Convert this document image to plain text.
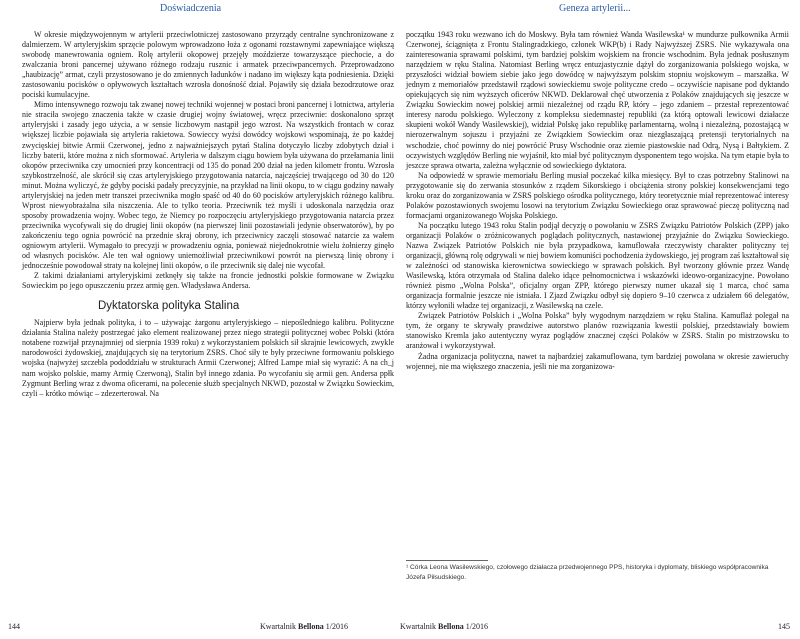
Doświadczenia

W okresie międzywojennym w artylerii przeciwlotniczej zastosowano przyrządy centralne synchronizowane z dalmierzem. W artyleryjskim sprzęcie polowym wprowadzono łoża z ogonami rozstawnymi zapewniające większą swobodę manewrowania ogniem. Rolę artylerii okopowej przejęły moździerze towarzyszące piechocie, a do zwalczania broni pancernej używano różnego rodzaju rusznic i armatek przeciwpancernych. Przeprowadzono „haubizację” armat, czyli przystosowano je do zmiennych ładunków i nadano im większy kąta podniesienia. Dzięki zastosowaniu pocisków o opływowych kształtach wzrosła donośność dział. Pojawiły się działa bezodrzutowe oraz pociski kumulacyjne.

Mimo intensywnego rozwoju tak zwanej nowej techniki wojennej w postaci broni pancernej i lotnictwa, artyleria nie straciła swojego znaczenia także w czasie drugiej wojny światowej, wręcz przeciwnie: doskonalono sprzęt artyleryjski i zasady jego użycia, a w sensie liczbowym nastąpił jego wzrost. Na wszystkich frontach w coraz większej liczbie pojawiała się artyleria rakietowa. Sowieccy wyżsi dowódcy wojskowi wspominają, że po każdej zwycięskiej bitwie Armii Czerwonej, jedno z najważniejszych pytań Stalina dotyczyło liczby zdobytych dział i liczby baterii, które można z nich sformować. Artyleria w dalszym ciągu bowiem była używana do przełamania linii okopów przeciwnika czy umocnień przy koncentracji od 135 do ponad 200 dział na jeden kilometr frontu. Wzrosła szybkostrzelność, ale skrócił się czas artyleryjskiego przygotowania natarcia, najczęściej trwającego od 30 do 120 minut. Można wyliczyć, że gdyby pociski padały precyzyjnie, na przykład na linii okopu, to w ciągu godziny nawały artyleryjskiej na jeden metr transzei przeciwnika mogło spaść od 40 do 60 pocisków artyleryjskich różnego kalibru. Wprost niewyobrażalna siła niszczenia. Ale to tylko teoria. Przeciwnik też myśli i udoskonala narzędzia oraz sposoby prowadzenia wojny. Wobec tego, że Niemcy po rozpoczęciu artyleryjskiego przygotowania natarcia przez przeciwnika wycofywali się do drugiej linii okopów (na pierwszej linii pozostawiali jedynie obserwatorów), by po zakończeniu tego ognia powrócić na przednie skraj obrony, ich przeciwnicy zaczęli stosować natarcie za wałem ogniowym artylerii. Wymagało to precyzji w prowadzeniu ognia, ponieważ niejednokrotnie wielu żołnierzy ginęło od własnych pocisków. Ale ten wał ogniowy uniemożliwiał przeciwnikowi powrót na pierwszą linię obrony i jednocześnie powodował straty na kolejnej linii okopów, o ile przeciwnik się dalej nie wycofał.

Z takimi działaniami artyleryjskimi zetknęły się także na froncie jednostki polskie formowane w Związku Sowieckim po jego opuszczeniu przez armię gen. Władysława Andersa.

Dyktatorska polityka Stalina

Najpierw była jednak polityka, i to – używając żargonu artyleryjskiego – niepośledniego kalibru. Polityczne działania Stalina należy postrzegać jako element realizowanej przez niego strategii politycznej wobec Polski (która notabene rozwijał przynajmniej od sierpnia 1939 roku) z wykorzystaniem polskich sił skrajnie lewicowych, zwykle narodowości żydowskiej, znajdujących się na terytorium ZSRS. Choć siły te były przeciwne formowaniu polskiego wojska (najwyżej szczebla pododdziału w strukturach Armii Czerwonej; Alfred Lampe miał się wyrazić: A na ch_j nam wojsko polskie, mamy Armię Czerwoną), Stalin był innego zdania. Po wycofaniu się armii gen. Andersa ppłk Zygmunt Berling wraz z dwoma oficerami, na polecenie służb specjalnych NKWD, pozostał w Związku Sowieckim, czyli – krótko mówiąc – zdezerterował. Na

144	Kwartalnik Bellona 1/2016
Geneza artylerii...

początku 1943 roku wezwano ich do Moskwy. Była tam również Wanda Wasilewska¹ w mundurze pułkownika Armii Czerwonej, ściągnięta z Frontu Stalingradzkiego, członek WKP(b) i Rady Najwyższej ZSRS. Nie wykazywała ona zainteresowania sprawami polskimi, tym bardziej polskim wojskiem na froncie wschodnim. Była jednak posłusznym narzędziem w ręku Stalina. Natomiast Berling wręcz entuzjastycznie dążył do zorganizowania polskiego wojska, w przyszłości widział bowiem siebie jako jego dowódcę w najwyższym polskim stopniu wojskowym – marszałka. W jednym z memoriałów przedstawił rządowi sowieckiemu swoje polityczne credo – oczywiście napisane pod dyktando opiekujących się nim wyższych oficerów NKWD. Deklarował chęć utworzenia z Polaków znajdujących się jeszcze w Związku Sowieckim nowej polskiej armii niezależnej od rządu RP, który – jego zdaniem – przestał reprezentować interesy narodu polskiego. Wyleczony z kompleksu siedemnastej republiki (za którą optowali lewicowi działacze skupieni wokół Wandy Wasilewskiej), widział Polskę jako republikę parlamentarną, wolną i niezależną, pozostającą w nierozerwalnym sojuszu i przyjaźni ze Związkiem Sowieckim oraz niezgłaszającą pretensji terytorialnych na wschodzie, choć powinny do niej powrócić Prusy Wschodnie oraz ziemie piastowskie nad Odrą, Nysą i Bałtykiem. Z oczywistych względów Berling nie wyjaśnił, kto miał być politycznym dysponentem tego wojska. Na tym etapie była to jeszcze sprawa otwarta, zależna wyłącznie od sowieckiego dyktatora.

Na odpowiedź w sprawie memoriału Berling musiał poczekać kilka miesięcy. Był to czas potrzebny Stalinowi na przygotowanie się do zerwania stosunków z rządem Sikorskiego i obciążenia strony polskiej konsekwencjami tego kroku oraz do zorganizowania w ZSRS polskiego ośrodka politycznego, który teoretycznie miał reprezentować interesy Polaków pozostawionych swojemu losowi na terytorium Związku Sowieckiego oraz sprawować pieczę polityczną nad formacjami organizowanego Wojska Polskiego.

Na początku lutego 1943 roku Stalin podjął decyzję o powołaniu w ZSRS Związku Patriotów Polskich (ZPP) jako organizacji Polaków o zróżnicowanych poglądach politycznych, nastawionej przyjaźnie do Związku Sowieckiego. Nazwa Związek Patriotów Polskich nie była przypadkowa, kamuflowała rzeczywisty charakter polityczny tej organizacji, główną rolę odgrywali w niej bowiem komuniści pochodzenia żydowskiego, jej program zaś kształtował się w zależności od stanowiska kierownictwa sowieckiego w sprawach polskich. Był tworzony głównie przez Wandę Wasilewską, która otrzymała od Stalina daleko idące pełnomocnictwa i wskazówki ideowo-organizacyjne. Powołano również pismo „Wolna Polska”, oficjalny organ ZPP, którego pierwszy numer ukazał się 1 marca, choć sama organizacja formalnie jeszcze nie istniała. I Zjazd Związku odbył się dopiero 9–10 czerwca z udziałem 66 delegatów, którzy wyłonili władze tej organizacji, z Wasilewską na czele.

Związek Patriotów Polskich i „Wolna Polska” były wygodnym narzędziem w ręku Stalina. Kamuflaż polegał na tym, że organy te skrywały prawdziwe autorstwo planów rozwiązania kwestii polskiej, przedstawiały bowiem stanowisko Kremla jako autentyczny wyraz poglądów znacznej części Polaków w ZSRS. Stalin po mistrzowsku to aranżował i wykorzystywał.

Żadna organizacja polityczna, nawet ta najbardziej zakamuflowana, tym bardziej powołana w okresie zawieruchy wojennej, nie ma większego znaczenia, jeśli nie ma zorganizowa-

¹ Córka Leona Wasilewskiego, czołowego działacza przedwojennego PPS, historyka i dyplomaty, bliskiego współpracownika Józefa Piłsudskiego.
Kwartalnik Bellona 1/2016	145
